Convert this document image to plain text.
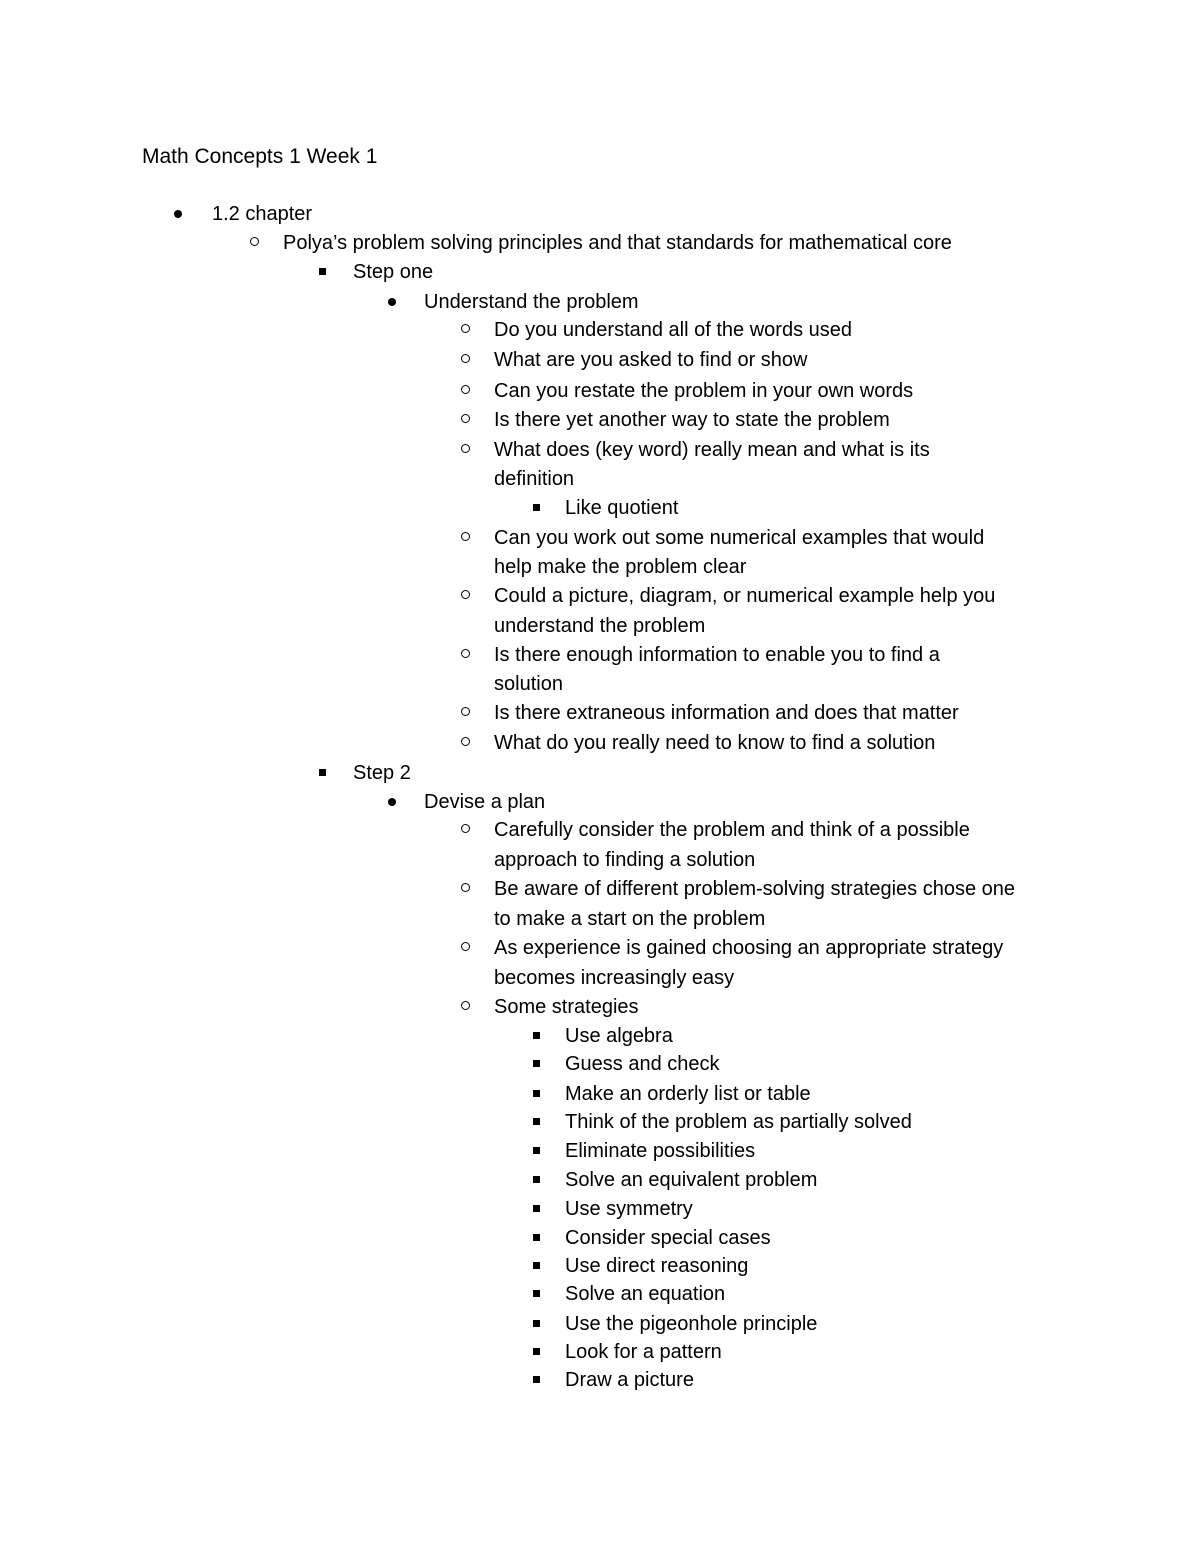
Math Concepts 1 Week 1
1.2 chapter
Polya’s problem solving principles and that standards for mathematical core
Step one
Understand the problem
Do you understand all of the words used
What are you asked to find or show
Can you restate the problem in your own words
Is there yet another way to state the problem
What does (key word) really mean and what is its
definition
Like quotient
Can you work out some numerical examples that would
help make the problem clear
Could a picture, diagram, or numerical example help you
understand the problem
Is there enough information to enable you to find a
solution
Is there extraneous information and does that matter
What do you really need to know to find a solution
Step 2
Devise a plan
Carefully consider the problem and think of a possible
approach to finding a solution
Be aware of different problem-solving strategies chose one
to make a start on the problem
As experience is gained choosing an appropriate strategy
becomes increasingly easy
Some strategies
Use algebra
Guess and check
Make an orderly list or table
Think of the problem as partially solved
Eliminate possibilities
Solve an equivalent problem
Use symmetry
Consider special cases
Use direct reasoning
Solve an equation
Use the pigeonhole principle
Look for a pattern
Draw a picture
